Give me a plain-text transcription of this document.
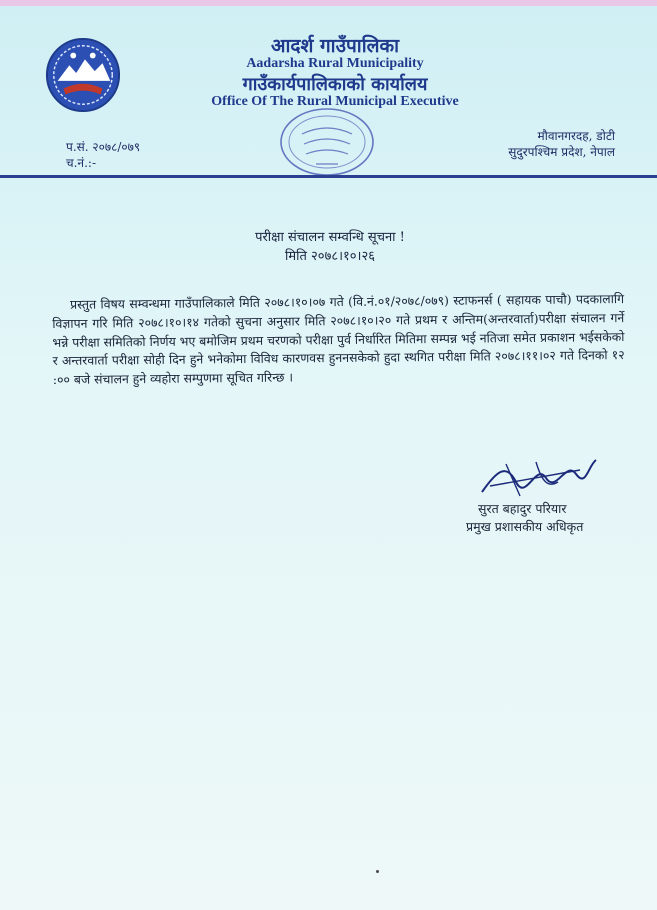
आदर्श गाउँपालिका
Aadarsha Rural Municipality
गाउँकार्यपालिकाको कार्यालय
Office Of The Rural Municipal Executive
प.सं. २०७८/०७९
च.नं.:-
मौवानगरदह, डोटी
सुदुरपश्चिम प्रदेश, नेपाल
परीक्षा संचालन सम्वन्धि सूचना !
मिति २०७८।१०।२६
प्रस्तुत विषय सम्वन्धमा गाउँपालिकाले मिति २०७८।१०।०७ गते (वि.नं.०१/२०७८/०७९) स्टाफनर्स ( सहायक पाचौ) पदकालागि विज्ञापन गरि मिति २०७८।१०।१४ गतेको सुचना अनुसार मिति २०७८।१०।२० गते प्रथम र अन्तिम(अन्तरवार्ता)परीक्षा संचालन गर्ने भन्ने परीक्षा समितिको निर्णय भए बमोजिम प्रथम चरणको परीक्षा पुर्व निर्धारित मितिमा सम्पन्न भई नतिजा समेत प्रकाशन भईसकेको र अन्तरवार्ता परीक्षा सोही दिन हुने भनेकोमा विविध कारणवस हुननसकेको हुदा स्थगित परीक्षा मिति २०७८।११।०२ गते दिनको १२ :०० बजे संचालन हुने व्यहोरा सम्पुणमा सूचित गरिन्छ ।
सुरत बहादुर परियार
प्रमुख प्रशासकीय अधिकृत
